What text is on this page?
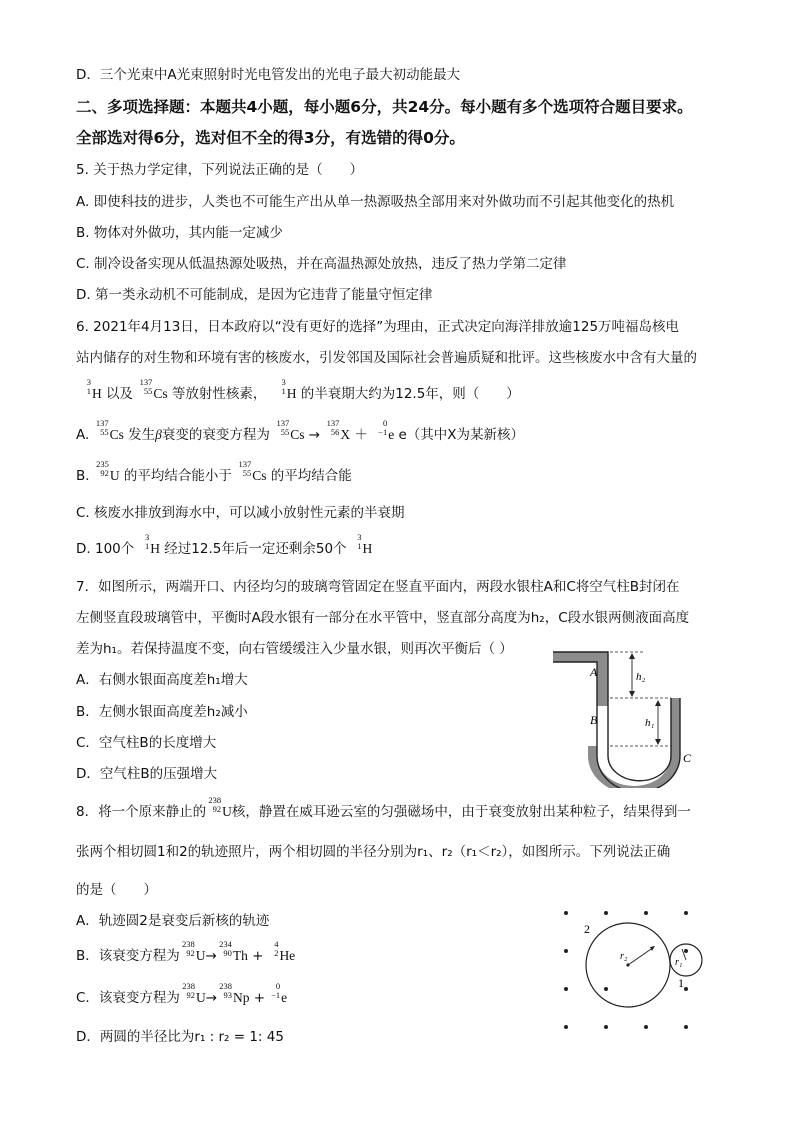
D．三个光束中A光束照射时光电管发出的光电子最大初动能最大
二、多项选择题：本题共4小题，每小题6分，共24分。每小题有多个选项符合题目要求。
全部选对得6分，选对但不全的得3分，有选错的得0分。
5. 关于热力学定律，下列说法正确的是（　　）
A. 即使科技的进步，人类也不可能生产出从单一热源吸热全部用来对外做功而不引起其他变化的热机
B. 物体对外做功，其内能一定减少
C. 制冷设备实现从低温热源处吸热，并在高温热源处放热，违反了热力学第二定律
D. 第一类永动机不可能制成，是因为它违背了能量守恒定律
6. 2021年4月13日，日本政府以“没有更好的选择”为理由，正式决定向海洋排放逾125万吨福岛核电
站内储存的对生物和环境有害的核废水，引发邻国及国际社会普遍质疑和批评。这些核废水中含有大量的
3
1 H 以及
137
55 Cs 等放射性核素，
3
1 H 的半衰期大约为12.5年，则（　　）
A.
137
55 Cs 发生β衰变的衰变方程为
137
55 Cs →
137
56 X ＋
0
−1 e e（其中X为某新核）
B.
235
92 U 的平均结合能小于
137
55 Cs 的平均结合能
C. 核废水排放到海水中，可以减小放射性元素的半衰期
D. 100个
3
1 H 经过12.5年后一定还剩余50个
3
1 H
7．如图所示，两端开口、内径均匀的玻璃弯管固定在竖直平面内，两段水银柱A和C将空气柱B封闭在
左侧竖直段玻璃管中，平衡时A段水银有一部分在水平管中，竖直部分高度为h₂，C段水银两侧液面高度
差为h₁。若保持温度不变，向右管缓缓注入少量水银，则再次平衡后（ ）
A．右侧水银面高度差h₁增大
B．左侧水银面高度差h₂减小
C．空气柱B的长度增大
D．空气柱B的压强增大
A
B
C
h₂
h₁
8．将一个原来静止的
238
92 U核，静置在威耳逊云室的匀强磁场中，由于衰变放射出某种粒子，结果得到一
张两个相切圆1和2的轨迹照片，两个相切圆的半径分别为r₁、r₂（r₁＜r₂），如图所示。下列说法正确
的是（　　）
A．轨迹圆2是衰变后新核的轨迹
B．该衰变方程为
238
92 U→
234
90 Th +
4
2 He
C．该衰变方程为
238
92 U→
238
93 Np +
0
−1 e
D．两圆的半径比为r₁ : r₂ = 1: 45
2
1
r₂
r₁
